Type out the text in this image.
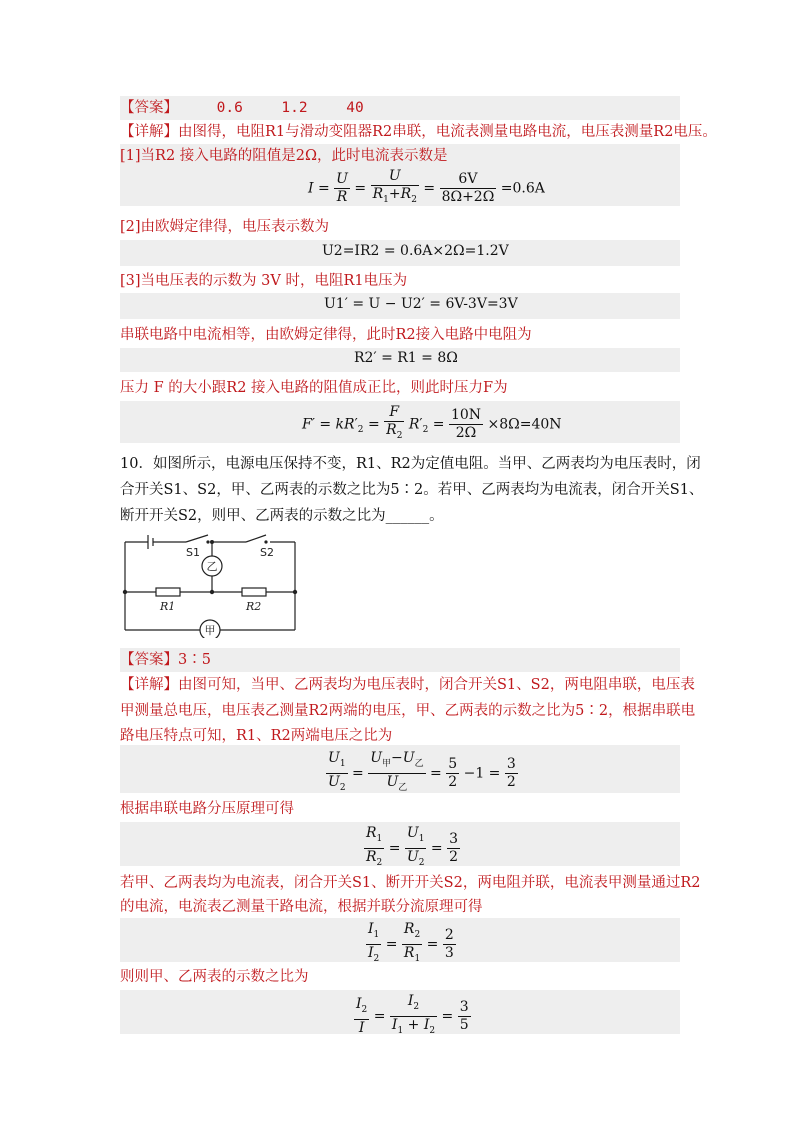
【答案】	0.6	1.2	40
【详解】由图得，电阻R1与滑动变阻器R2串联，电流表测量电路电流，电压表测量R2电压。
[1]当R2 接入电路的阻值是2Ω，此时电流表示数是
$I = \frac{U}{R} = \frac{U}{R_1+R_2} = \frac{6V}{8\Omega+2\Omega} =0.6A$
[2]由欧姆定律得，电压表示数为
U2=IR2 = 0.6A×2Ω=1.2V
[3]当电压表的示数为 3V 时，电阻R1电压为
U1′ = U − U2′ = 6V-3V=3V
串联电路中电流相等，由欧姆定律得，此时R2接入电路中电阻为
R2′ = R1 = 8Ω
压力 F 的大小跟R2 接入电路的阻值成正比，则此时压力F为
$F' = kR'_2 = \frac{F}{R_2} R'_2 = \frac{10N}{2\Omega} \times 8\Omega=40N$
10．如图所示，电源电压保持不变，R1、R2为定值电阻。当甲、乙两表均为电压表时，闭
合开关S1、S2，甲、乙两表的示数之比为5∶2。若甲、乙两表均为电流表，闭合开关S1、
断开开关S2，则甲、乙两表的示数之比为______。
乙
甲
S1	S2
R1	R2
【答案】3∶5
【详解】由图可知，当甲、乙两表均为电压表时，闭合开关S1、S2，两电阻串联，电压表
甲测量总电压，电压表乙测量R2两端的电压，甲、乙两表的示数之比为5∶2，根据串联电
路电压特点可知，R1、R2两端电压之比为
$\frac{U_1}{U_2} = \frac{U_甲-U_乙}{U_乙} = \frac{5}{2} -1 = \frac{3}{2}$
根据串联电路分压原理可得
$\frac{R_1}{R_2} = \frac{U_1}{U_2} = \frac{3}{2}$
若甲、乙两表均为电流表，闭合开关S1、断开开关S2，两电阻并联，电流表甲测量通过R2
的电流，电流表乙测量干路电流，根据并联分流原理可得
$\frac{I_1}{I_2} = \frac{R_2}{R_1} = \frac{2}{3}$
则则甲、乙两表的示数之比为
$\frac{I_2}{I} = \frac{I_2}{I_1 + I_2} = \frac{3}{5}$
